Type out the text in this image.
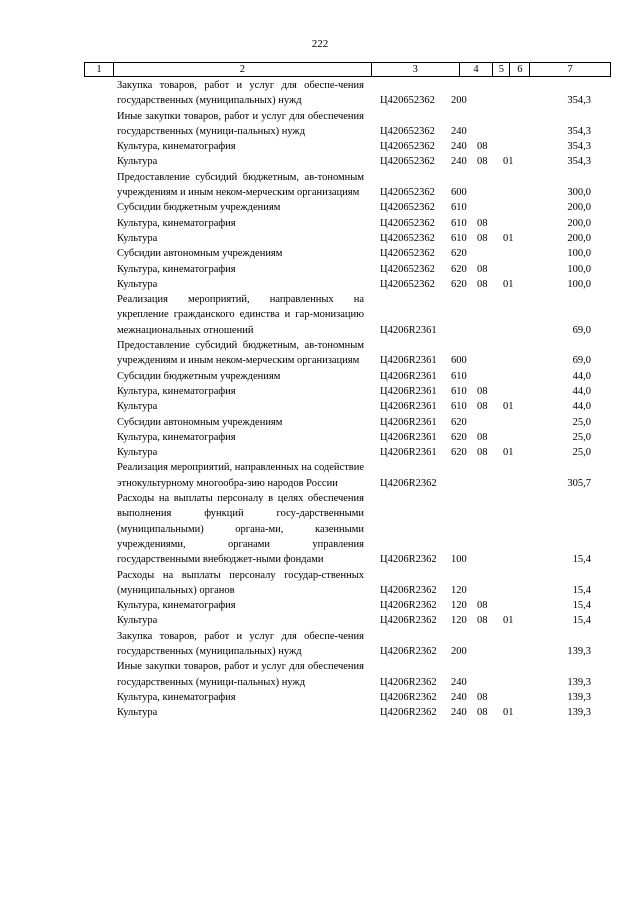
222
1	2	3	4	5	6	7
Закупка товаров, работ и услуг для обеспе-чения государственных (муниципальных) нужд	Ц420652362	200	354,3
Иные закупки товаров, работ и услуг для обеспечения государственных (муници-пальных) нужд	Ц420652362	240	354,3
Культура, кинематография	Ц420652362	240 08	354,3
Культура	Ц420652362	240 08	01	354,3
Предоставление субсидий бюджетным, ав-тономным учреждениям и иным неком-мерческим организациям	Ц420652362	600	300,0
Субсидии бюджетным учреждениям	Ц420652362	610	200,0
Культура, кинематография	Ц420652362	610 08	200,0
Культура	Ц420652362	610 08	01	200,0
Субсидии автономным учреждениям	Ц420652362	620	100,0
Культура, кинематография	Ц420652362	620 08	100,0
Культура	Ц420652362	620 08	01	100,0
Реализация мероприятий, направленных на укрепление гражданского единства и гар-монизацию межнациональных отношений	Ц4206R2361	69,0
Предоставление субсидий бюджетным, ав-тономным учреждениям и иным неком-мерческим организациям	Ц4206R2361	600	69,0
Субсидии бюджетным учреждениям	Ц4206R2361	610	44,0
Культура, кинематография	Ц4206R2361	610 08	44,0
Культура	Ц4206R2361	610 08	01	44,0
Субсидии автономным учреждениям	Ц4206R2361	620	25,0
Культура, кинематография	Ц4206R2361	620 08	25,0
Культура	Ц4206R2361	620 08	01	25,0
Реализация мероприятий, направленных на содействие этнокультурному многообра-зию народов России	Ц4206R2362	305,7
Расходы на выплаты персоналу в целях обеспечения выполнения функций госу-дарственными (муниципальными) органа-ми, казенными учреждениями, органами управления государственными внебюджет-ными фондами	Ц4206R2362	100	15,4
Расходы на выплаты персоналу государ-ственных (муниципальных) органов	Ц4206R2362	120	15,4
Культура, кинематография	Ц4206R2362	120 08	15,4
Культура	Ц4206R2362	120 08	01	15,4
Закупка товаров, работ и услуг для обеспе-чения государственных (муниципальных) нужд	Ц4206R2362	200	139,3
Иные закупки товаров, работ и услуг для обеспечения государственных (муници-пальных) нужд	Ц4206R2362	240	139,3
Культура, кинематография	Ц4206R2362	240 08	139,3
Культура	Ц4206R2362	240 08	01	139,3
